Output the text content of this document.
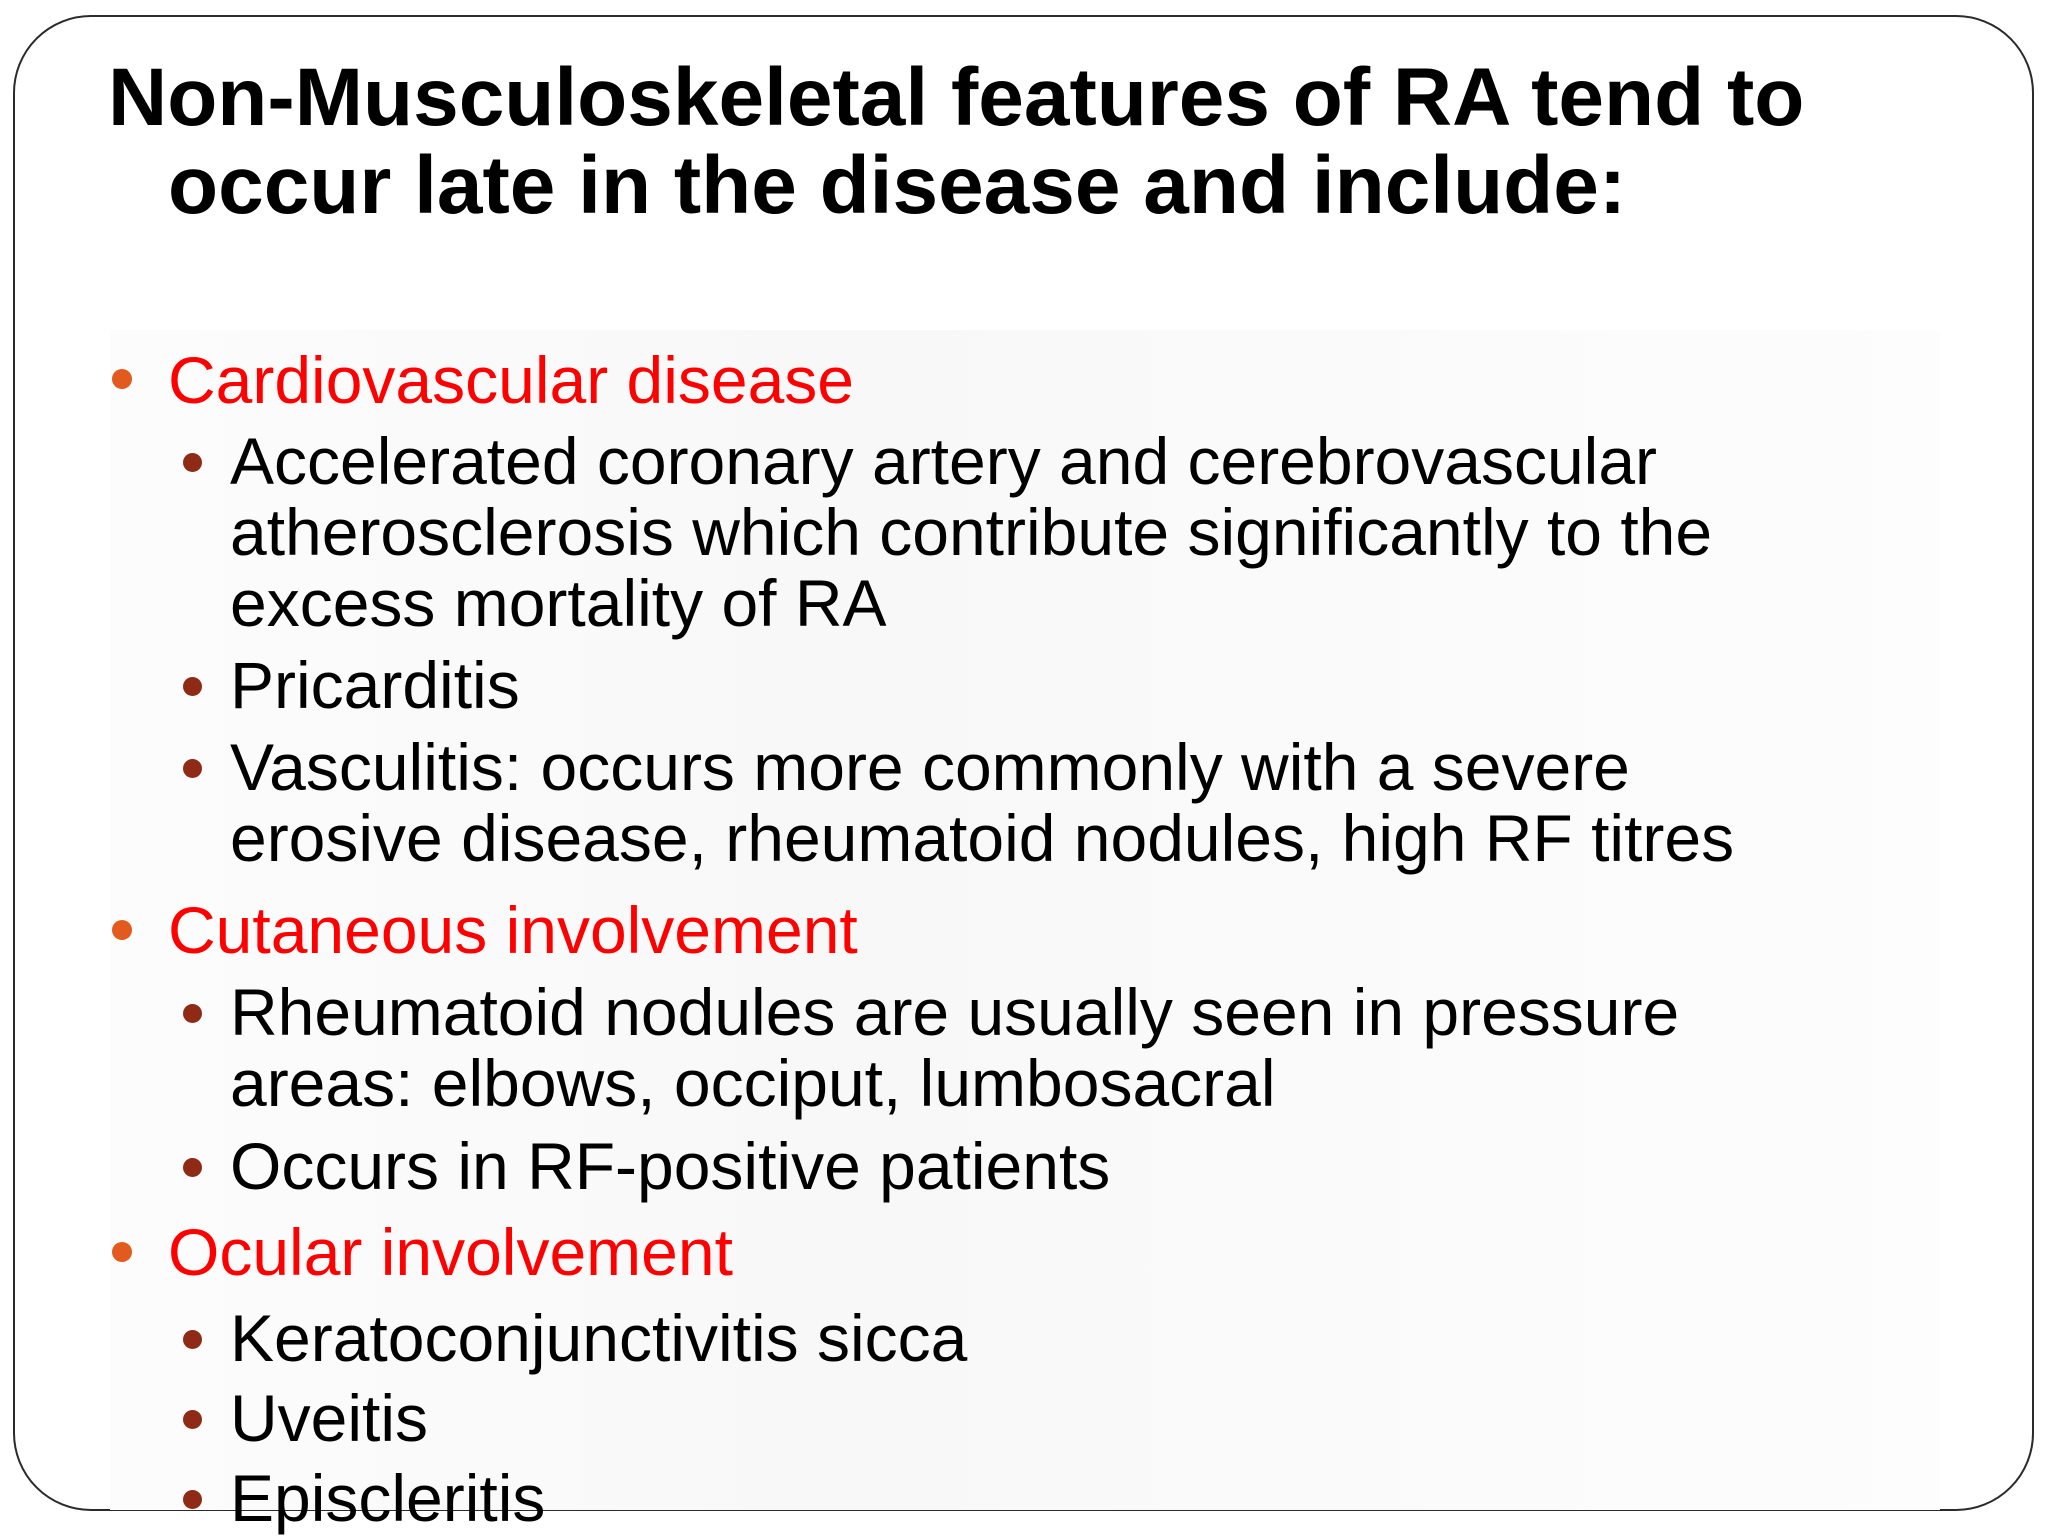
Non-Musculoskeletal features of RA tend to
occur late in the disease and include:
Cardiovascular disease
Accelerated coronary artery and cerebrovascular
atherosclerosis which contribute significantly to the
excess mortality of RA
Pricarditis
Vasculitis: occurs more commonly with a severe
erosive disease, rheumatoid nodules, high RF titres
Cutaneous involvement
Rheumatoid nodules are usually seen in pressure
areas: elbows, occiput, lumbosacral
Occurs in RF-positive patients
Ocular involvement
Keratoconjunctivitis sicca
Uveitis
Episcleritis
